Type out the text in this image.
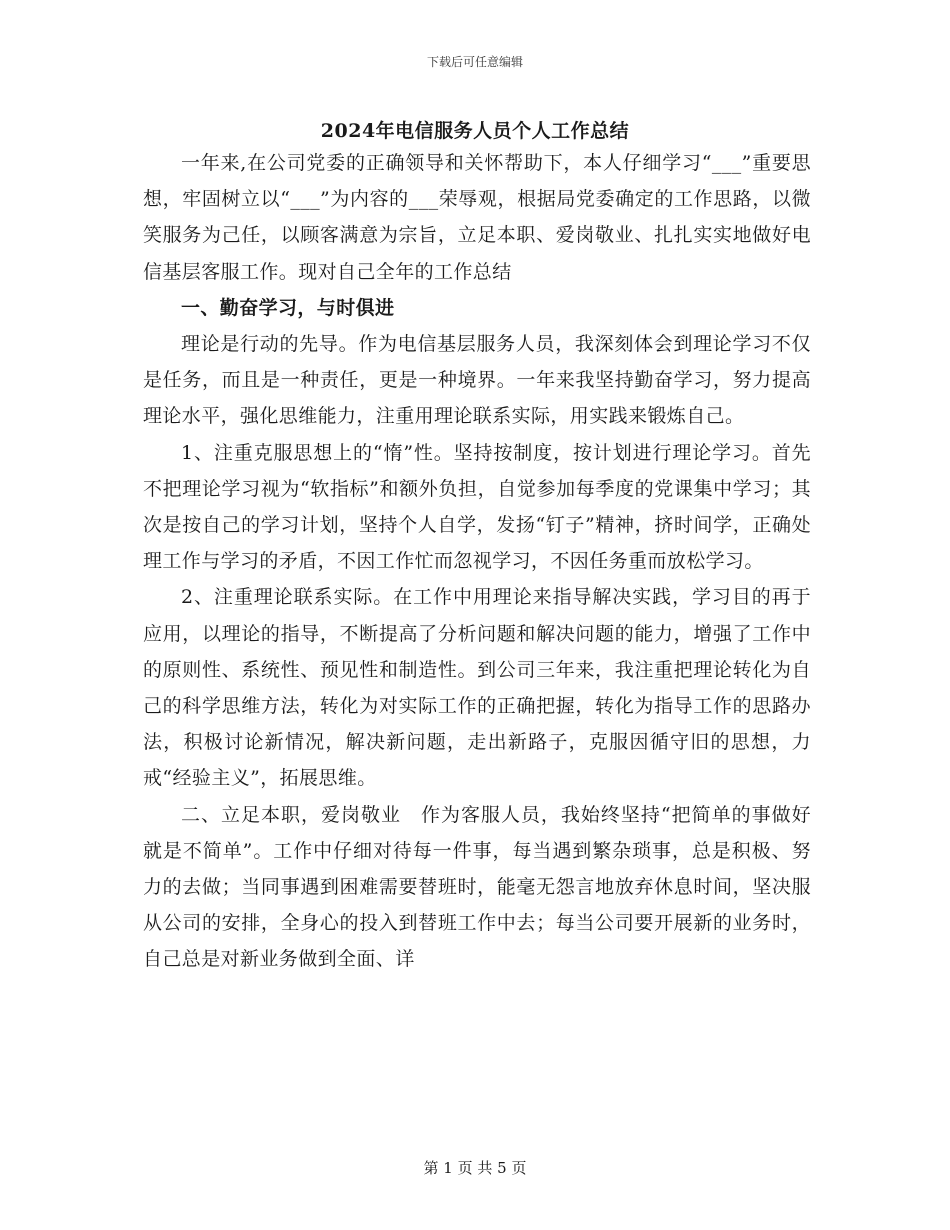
下载后可任意编辑
2024年电信服务人员个人工作总结

一年来,在公司党委的正确领导和关怀帮助下，本人仔细学习“___”重要思想，牢固树立以“___”为内容的___荣辱观，根据局党委确定的工作思路，以微笑服务为己任，以顾客满意为宗旨，立足本职、爱岗敬业、扎扎实实地做好电信基层客服工作。现对自己全年的工作总结

一、勤奋学习，与时俱进

理论是行动的先导。作为电信基层服务人员，我深刻体会到理论学习不仅是任务，而且是一种责任，更是一种境界。一年来我坚持勤奋学习，努力提高理论水平，强化思维能力，注重用理论联系实际，用实践来锻炼自己。

1、注重克服思想上的“惰”性。坚持按制度，按计划进行理论学习。首先不把理论学习视为“软指标”和额外负担，自觉参加每季度的党课集中学习；其次是按自己的学习计划，坚持个人自学，发扬“钉子”精神，挤时间学，正确处理工作与学习的矛盾，不因工作忙而忽视学习，不因任务重而放松学习。

2、注重理论联系实际。在工作中用理论来指导解决实践，学习目的再于应用，以理论的指导，不断提高了分析问题和解决问题的能力，增强了工作中的原则性、系统性、预见性和制造性。到公司三年来，我注重把理论转化为自己的科学思维方法，转化为对实际工作的正确把握，转化为指导工作的思路办法，积极讨论新情况，解决新问题，走出新路子，克服因循守旧的思想，力戒“经验主义”，拓展思维。

二、立足本职，爱岗敬业　作为客服人员，我始终坚持“把简单的事做好就是不简单”。工作中仔细对待每一件事，每当遇到繁杂琐事，总是积极、努力的去做；当同事遇到困难需要替班时，能毫无怨言地放弃休息时间，坚决服从公司的安排，全身心的投入到替班工作中去；每当公司要开展新的业务时，自己总是对新业务做到全面、详

第 1 页 共 5 页
